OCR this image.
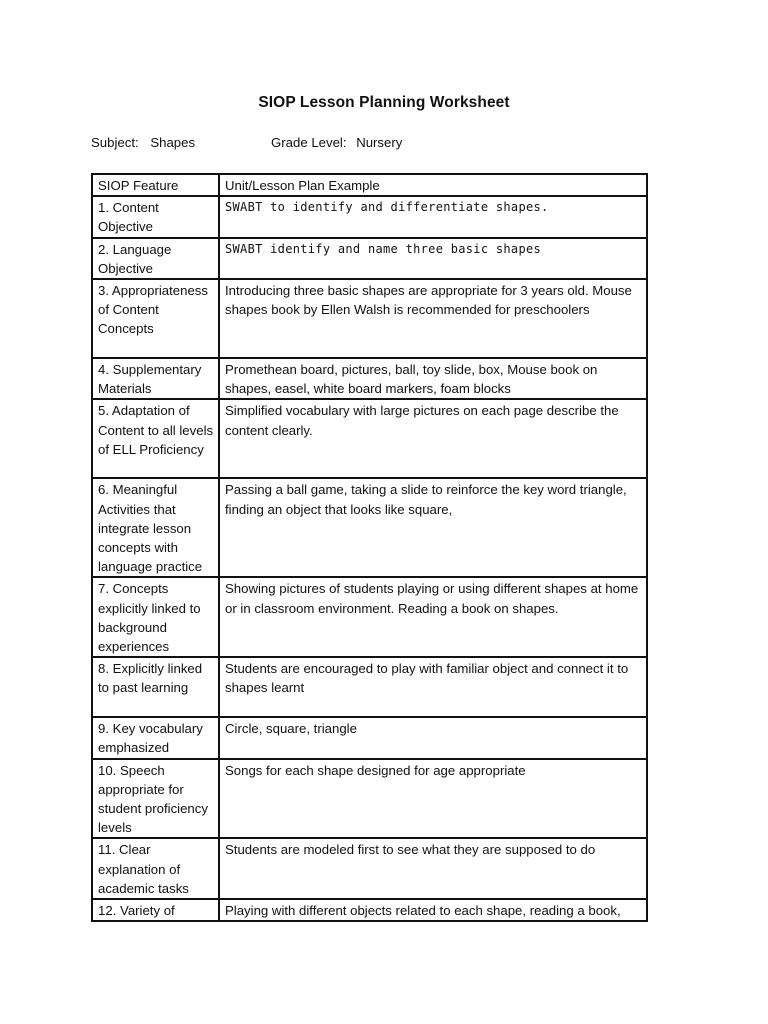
SIOP Lesson Planning Worksheet
Subject: Shapes	Grade Level: Nursery
SIOP Feature	Unit/Lesson Plan Example
1. Content Objective	SWABT to identify and differentiate shapes.
2. Language Objective	SWABT identify and name three basic shapes
3. Appropriateness of Content Concepts	Introducing three basic shapes are appropriate for 3 years old. Mouse shapes book by Ellen Walsh is recommended for preschoolers
4. Supplementary Materials	Promethean board, pictures, ball, toy slide, box, Mouse book on shapes, easel, white board markers, foam blocks
5. Adaptation of Content to all levels of ELL Proficiency	Simplified vocabulary with large pictures on each page describe the content clearly.
6. Meaningful Activities that integrate lesson concepts with language practice	Passing a ball game, taking a slide to reinforce the key word triangle, finding an object that looks like square,
7. Concepts explicitly linked to background experiences	Showing pictures of students playing or using different shapes at home or in classroom environment. Reading a book on shapes.
8. Explicitly linked to past learning	Students are encouraged to play with familiar object and connect it to shapes learnt
9. Key vocabulary emphasized	Circle, square, triangle
10. Speech appropriate for student proficiency levels	Songs for each shape designed for age appropriate
11. Clear explanation of academic tasks	Students are modeled first to see what they are supposed to do
12. Variety of	Playing with different objects related to each shape, reading a book,
